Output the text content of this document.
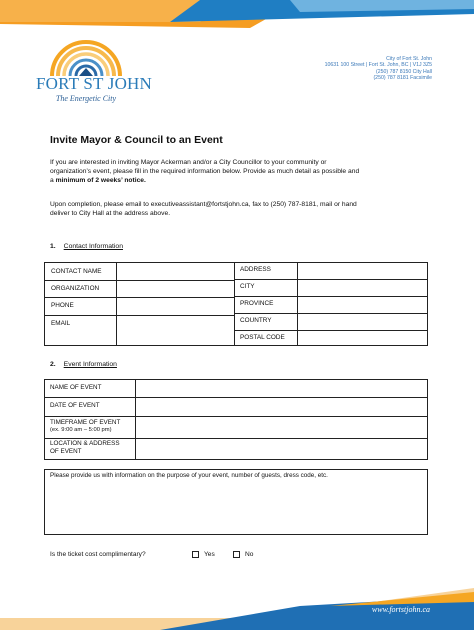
FORT ST JOHN
The Energetic City
City of Fort St. John
10631 100 Street | Fort St. John, BC | V1J 3Z5
(250) 787 8150 City Hall
(250) 787 8181 Facsimile
Invite Mayor & Council to an Event
If you are interested in inviting Mayor Ackerman and/or a City Councillor to your community or
organization’s event, please fill in the required information below. Provide as much detail as possible and
a minimum of 2 weeks’ notice.
Upon completion, please email to executiveassistant@fortstjohn.ca, fax to (250) 787-8181, mail or hand
deliver to City Hall at the address above.
1. Contact Information
CONTACT NAME
ORGANIZATION
PHONE
EMAIL
ADDRESS
CITY
PROVINCE
COUNTRY
POSTAL CODE
2. Event Information
NAME OF EVENT
DATE OF EVENT
TIMEFRAME OF EVENT
(ex. 9:00 am – 5:00 pm)
LOCATION & ADDRESS
OF EVENT
Please provide us with information on the purpose of your event, number of guests, dress code, etc.
Is the ticket cost complimentary?	Yes	No
www.fortstjohn.ca
